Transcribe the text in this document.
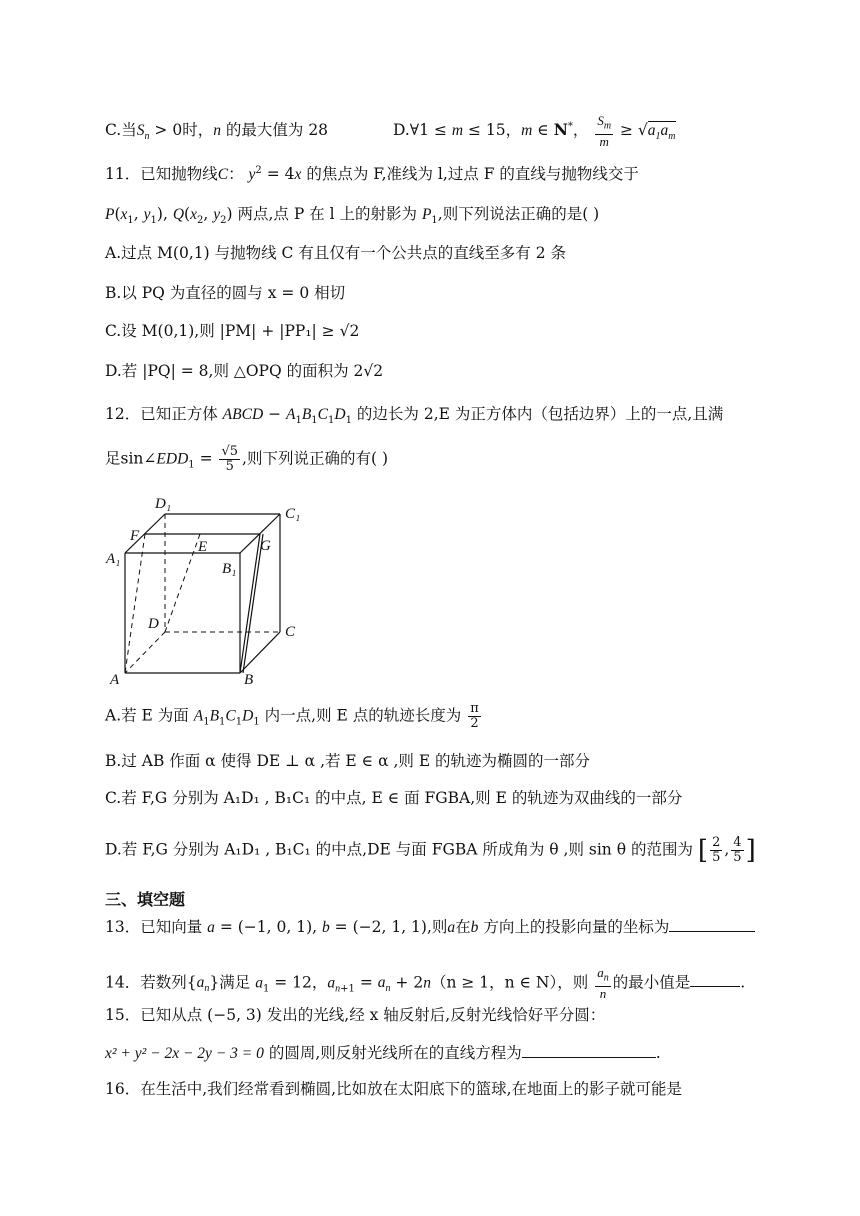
C.当$S_n > 0$时，n 的最大值为 28	D.∀1 ≤ m ≤ 15，m ∈ N*， $\frac{S_m}{m} \ge √a_1a_m$
11．已知抛物线C： $y^2 = 4x$ 的焦点为 F,准线为 l,过点 F 的直线与抛物线交于
$P(x_1$, $y_1$), $Q(x_2$, $y_2$) 两点,点 P 在 l 上的射影为 $P_1$,则下列说法正确的是( )
A.过点 M(0,1) 与抛物线 C 有且仅有一个公共点的直线至多有 2 条
B.以 PQ 为直径的圆与 x = 0 相切
C.设 M(0,1),则 |PM| + |PP₁| ≥ √2
D.若 |PQ| = 8,则 △OPQ 的面积为 2√2
12．已知正方体 ABCD − $A_1B_1C_1D_1$ 的边长为 2,E 为正方体内（包括边界）上的一点,且满
足$\sin\angle EDD_1 = \frac{√5}{5}$ ,则下列说正确的有( )
D₁
C₁
F
E	G
A₁
B₁
D	C
A	B
A.若 E 为面 $A_1B_1C_1D_1$ 内一点,则 E 点的轨迹长度为 $\frac{\pi}{2}$
B.过 AB 作面 α 使得 DE ⊥ α ,若 E ∈ α ,则 E 的轨迹为椭圆的一部分
C.若 F,G 分别为 A₁D₁ , B₁C₁ 的中点, E ∈ 面 FGBA,则 E 的轨迹为双曲线的一部分
D.若 F,G 分别为 A₁D₁ , B₁C₁ 的中点,DE 与面 FGBA 所成角为 θ ,则 sin θ 的范围为 [ $\frac{2}{5}$ , $\frac{4}{5}$ ]
三、填空题
13．已知向量 a = (−1, 0, 1), b = (−2, 1, 1),则a在b 方向上的投影向量的坐标为
14．若数列$\{a_n\}$满足 $a_1 = 12$，$a_{n+1} = a_n + 2n(n \ge 1$，n ∈ N），则 $\frac{a_n}{n}$ 的最小值是	.
15．已知从点 (−5, 3) 发出的光线,经 x 轴反射后,反射光线恰好平分圆：
x² + y² − 2x − 2y − 3 = 0 的圆周,则反射光线所在的直线方程为	.
16．在生活中,我们经常看到椭圆,比如放在太阳底下的篮球,在地面上的影子就可能是
